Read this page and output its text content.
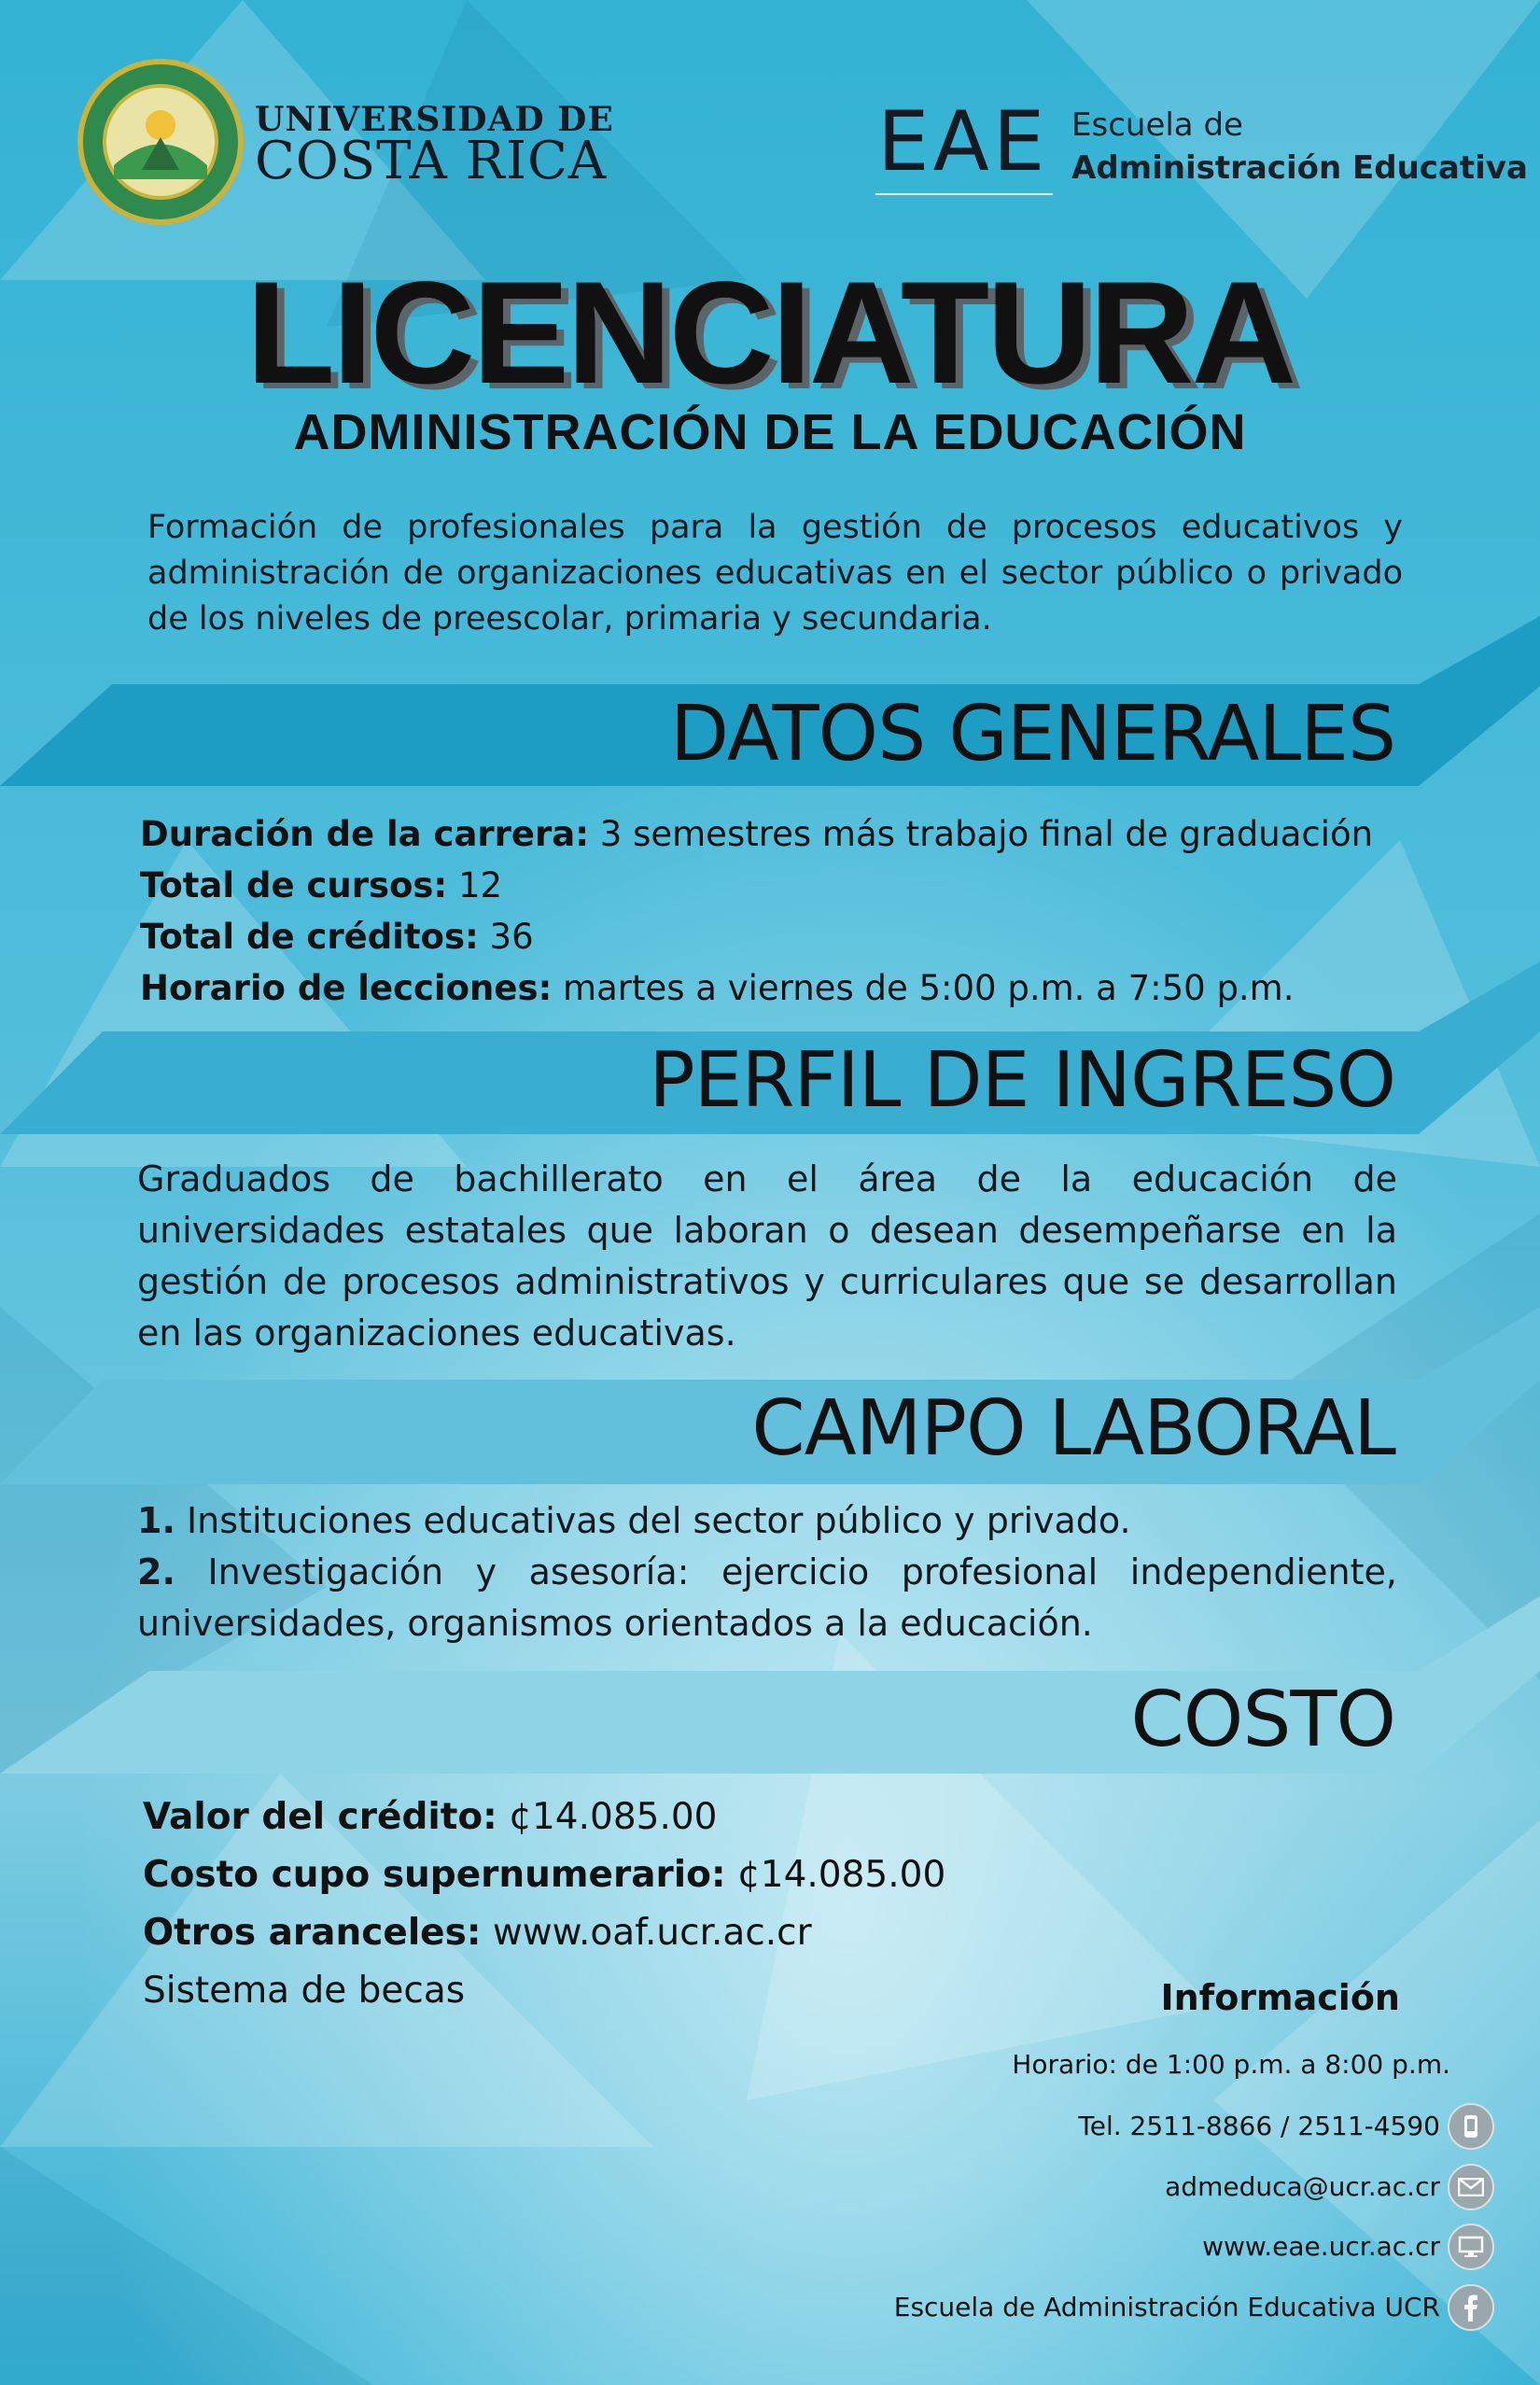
UNIVERSIDAD DE
COSTA RICA	EAE Escuela de
Administración Educativa
LICENCIATURA
ADMINISTRACIÓN DE LA EDUCACIÓN
Formación de profesionales para la gestión de procesos educativos y administración de organizaciones educativas en el sector público o privado de los niveles de preescolar, primaria y secundaria.
DATOS GENERALES
Duración de la carrera: 3 semestres más trabajo final de graduación
Total de cursos: 12
Total de créditos: 36
Horario de lecciones: martes a viernes de 5:00 p.m. a 7:50 p.m.
PERFIL DE INGRESO
Graduados de bachillerato en el área de la educación de universidades estatales que laboran o desean desempeñarse en la gestión de procesos administrativos y curriculares que se desarrollan en las organizaciones educativas.
CAMPO LABORAL
1. Instituciones educativas del sector público y privado.
2. Investigación y asesoría: ejercicio profesional independiente, universidades, organismos orientados a la educación.
COSTO
Valor del crédito: ¢14.085.00
Costo cupo supernumerario: ¢14.085.00
Otros aranceles: www.oaf.ucr.ac.cr
Sistema de becas	Información
Horario: de 1:00 p.m. a 8:00 p.m.
Tel. 2511-8866 / 2511-4590
admeduca@ucr.ac.cr
www.eae.ucr.ac.cr
Escuela de Administración Educativa UCR
